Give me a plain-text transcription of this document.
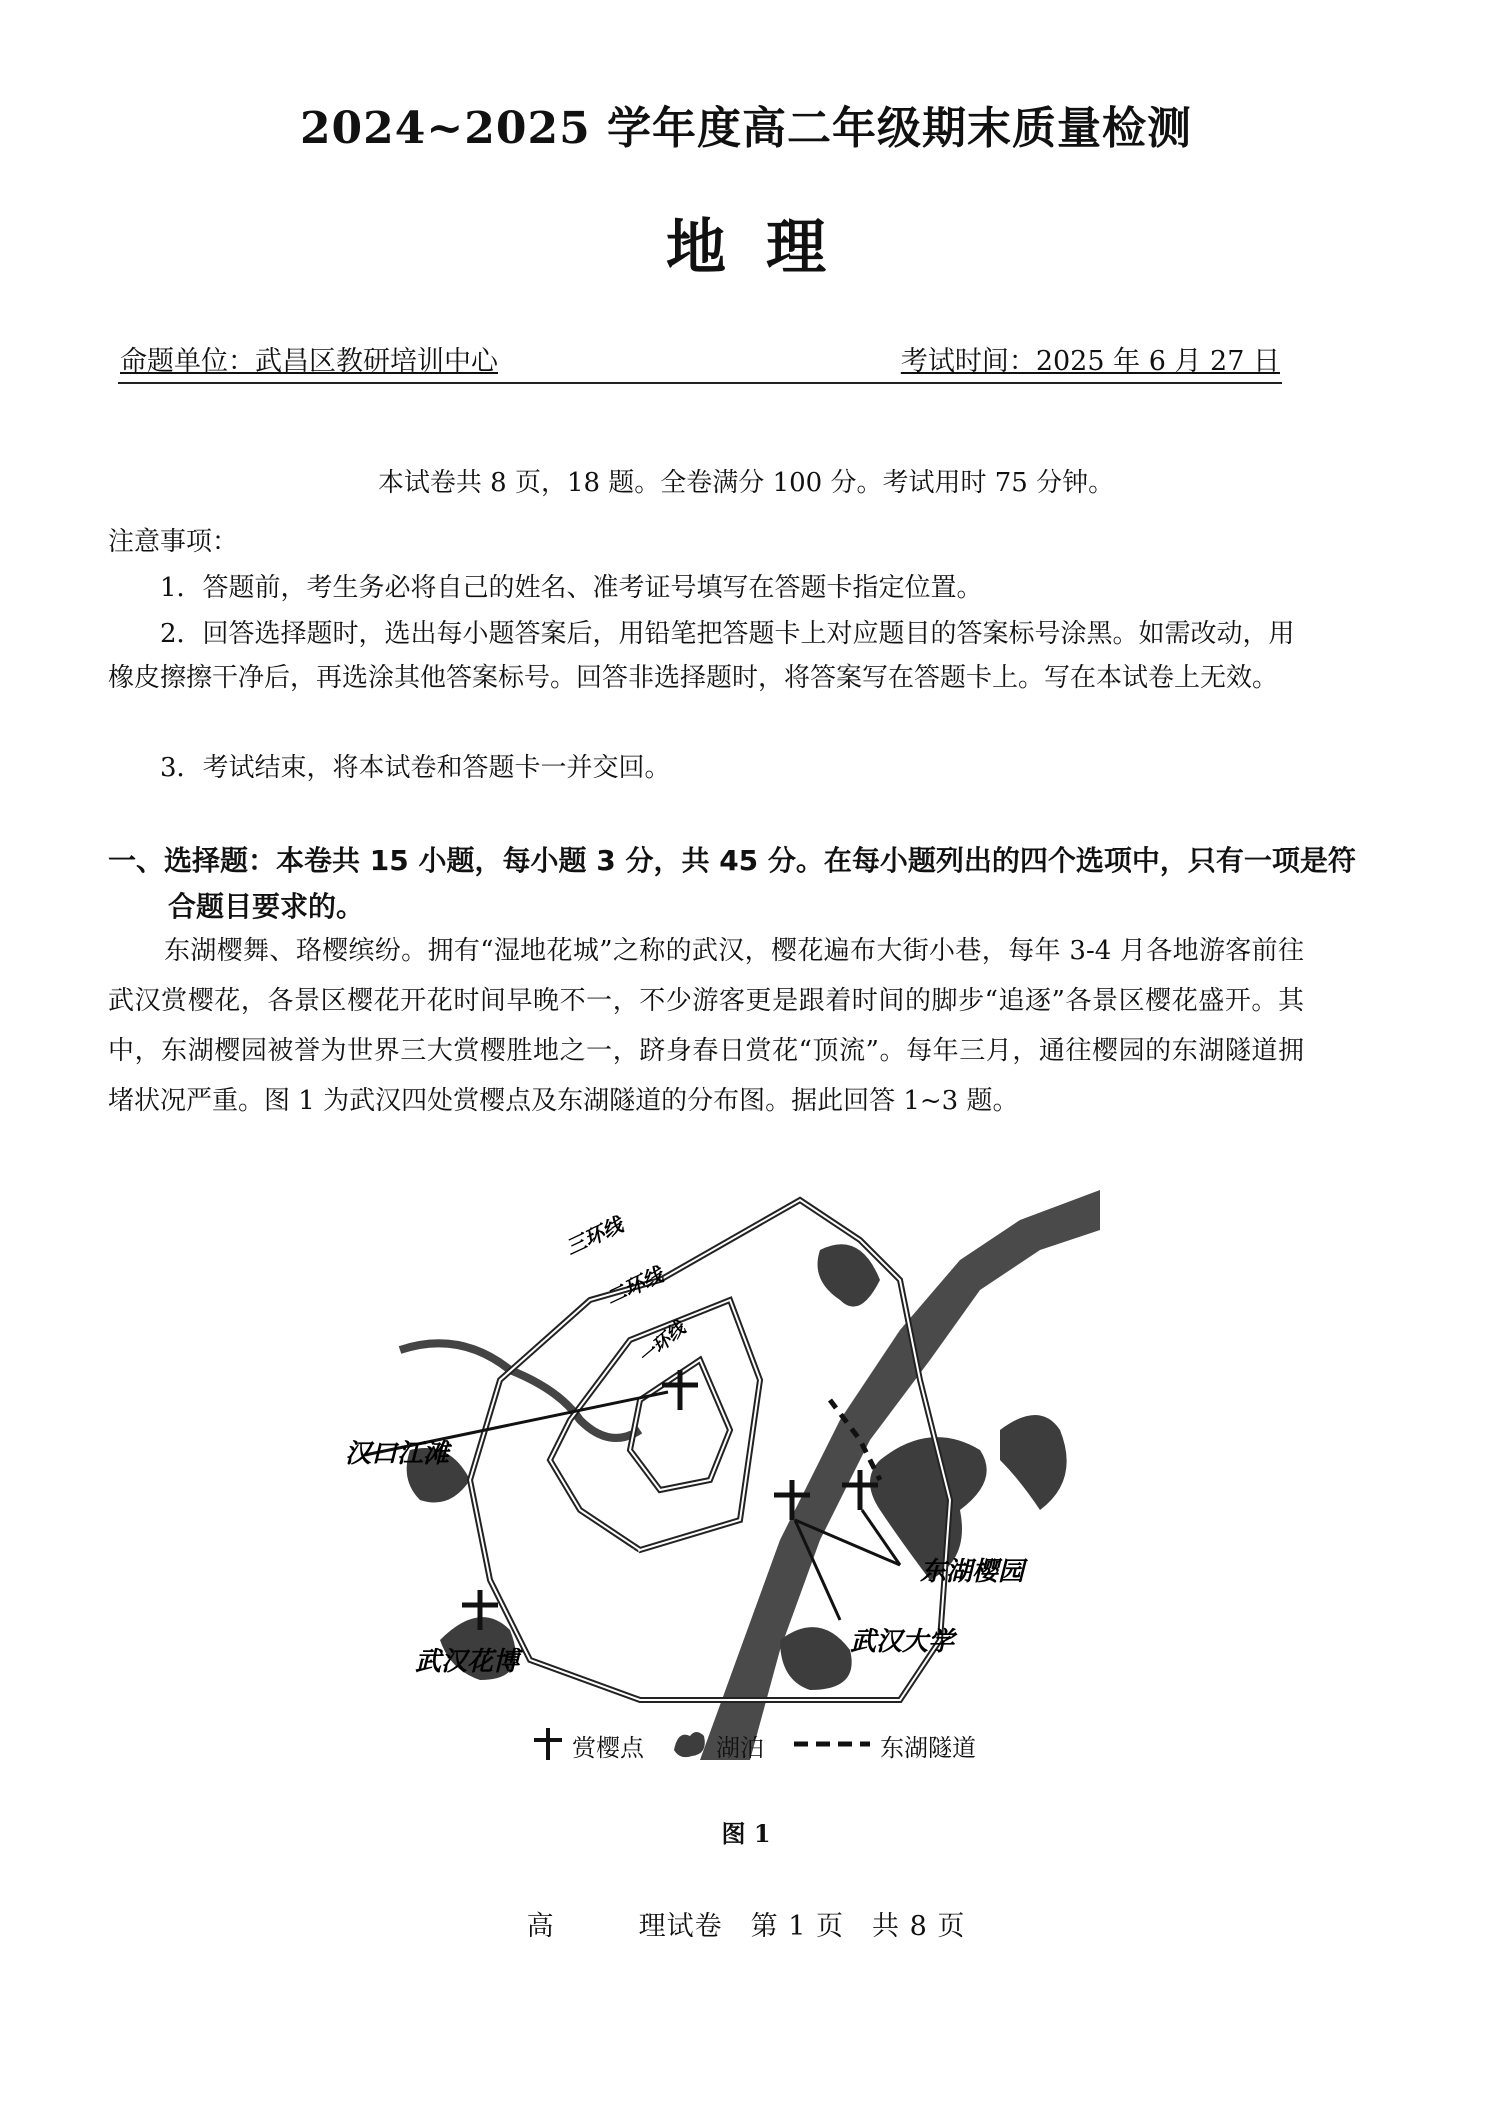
2024~2025 学年度高二年级期末质量检测
地理
命题单位：武昌区教研培训中心	考试时间：2025 年 6 月 27 日
本试卷共 8 页，18 题。全卷满分 100 分。考试用时 75 分钟。
注意事项：
1．答题前，考生务必将自己的姓名、准考证号填写在答题卡指定位置。
2．回答选择题时，选出每小题答案后，用铅笔把答题卡上对应题目的答案标号涂黑。如需改动，用橡皮擦擦干净后，再选涂其他答案标号。回答非选择题时，将答案写在答题卡上。写在本试卷上无效。
3．考试结束，将本试卷和答题卡一并交回。
一、选择题：本卷共 15 小题，每小题 3 分，共 45 分。在每小题列出的四个选项中，只有一项是符合题目要求的。
东湖樱舞、珞樱缤纷。拥有“湿地花城”之称的武汉，樱花遍布大街小巷，每年 3-4 月各地游客前往武汉赏樱花，各景区樱花开花时间早晚不一，不少游客更是跟着时间的脚步“追逐”各景区樱花盛开。其中，东湖樱园被誉为世界三大赏樱胜地之一，跻身春日赏花“顶流”。每年三月，通往樱园的东湖隧道拥堵状况严重。图 1 为武汉四处赏樱点及东湖隧道的分布图。据此回答 1~3 题。
三环线
二环线
一环线
江
长
汉口江滩
东湖樱园
武汉大学
武汉花博
赏樱点	湖泊	东湖隧道
图 1
高　　　理试卷　第 1 页　共 8 页
